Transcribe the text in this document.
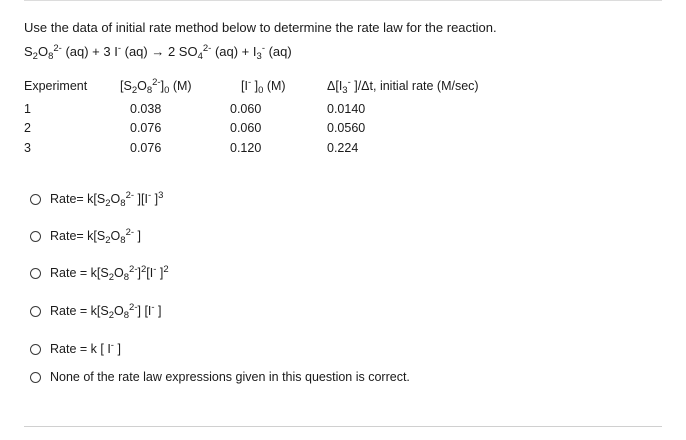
Use the data of initial rate method below to determine the rate law for the reaction.
$S_2O_8^{2-}$ (aq) + 3 I- (aq) → 2 $SO_4^{2-}$ $(aq) + I_3^-$ (aq)
Experiment	$[S_2O_8^{2-}]_0$ (M)	[I- ]$_0$ (M)	$\Delta[I_3^-$ ]/Δt, initial rate (M/sec)
1	0.038	0.060	0.0140
2	0.076	0.060	0.0560
3	0.076	0.120	0.224
Rate= $k[S_2O_8^{2-}$ ][I- ]$^3$
Rate= $k[S_2O_8^{2-}$ ]
Rate = $k[S_2O_8^{2-}]^2[I^-$ ]$^2$
Rate = $k[S_2O_8^{2-}]$ [I- ]
Rate = k [ I- ]
None of the rate law expressions given in this question is correct.
